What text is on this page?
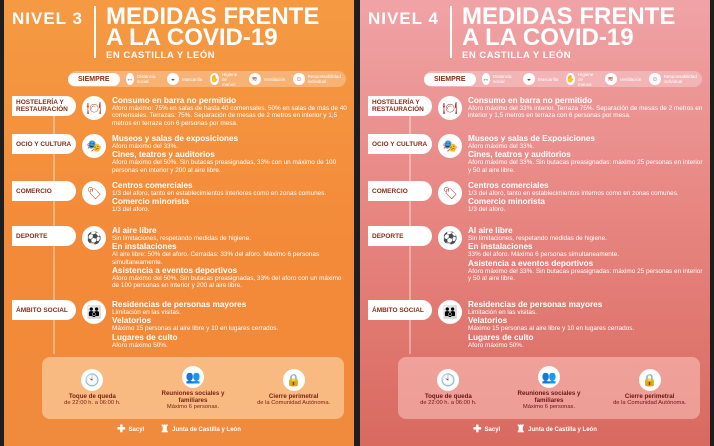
NIVEL 3 MEDIDAS FRENTE
A LA COVID-19
EN CASTILLA Y LEÓN
SIEMPRE	↔ Distancia social	◒	Mascarilla ✋
Higiene de manos
≋	Ventilación ☺	Responsabilidad individual
HOSTELERÍA Y RESTAURACIÓN	🍽
Consumo en barra no permitido
Aforo máximo: 75% en salas de hasta 40 comensales. 50% en salas de más de 40 comensales. Terrazas: 75%. Separación de mesas de 2 metros en interior y 1,5 metros en terraza con 6 personas por mesa.
OCIO Y CULTURA	🎭
Museos y salas de exposiciones
Aforo máximo del 33%.
Cines, teatros y auditorios
Aforo máximo del 50%. Sin butacas preasignadas, 33% con un máximo de 100 personas en interior y 200 al aire libre.
COMERCIO	🏷
Centros comerciales
1/3 del aforo, tanto en establecimientos interiores como en zonas comunes.
Comercio minorista
1/3 del aforo.
DEPORTE	⚽
Al aire libre
Sin limitaciones, respetando medidas de higiene.
En instalaciones
Al aire libre: 50% del aforo. Cerradas: 33% del aforo. Máximo 6 personas simultaneamente.
Asistencia a eventos deportivos
Aforo máximo del 50%. Sin butacas preasignadas, 33% del aforo con un máximo de 100 personas en interior y 200 al aire libre.
ÁMBITO SOCIAL	👪
Residencias de personas mayores
Limitación en las visitas.
Velatorios
Máximo 15 personas al aire libre y 10 en lugares cerrados.
Lugares de culto
Aforo máximo 50%.
🕙
Toque de queda
de 22:00 h. a 06:00 h.
👥
Reuniones sociales y familiares
Máximo 6 personas.
🔒
Cierre perimetral
de la Comunidad Autónoma.
✚ Sacyl ♜ Junta de Castilla y León
NIVEL 4 MEDIDAS FRENTE
A LA COVID-19
EN CASTILLA Y LEÓN
SIEMPRE	↔ Distancia social	◒	Mascarilla ✋
Higiene de manos
≋	Ventilación ☺	Responsabilidad individual
HOSTELERÍA Y RESTAURACIÓN	🍽
Consumo en barra no permitido
Aforo máximo del 33% interior. Terraza 75%. Separación de mesas de 2 metros en interior y 1,5 metros en terraza con 6 personas por mesa.
OCIO Y CULTURA	🎭
Museos y salas de Exposiciones
Aforo máximo del 33%.
Cines, teatros y auditorios
Aforo máximo del 33%. Sin butacas preasignadas: máximo 25 personas en interior y 50 al aire libre.
COMERCIO	🏷
Centros comerciales
1/3 del aforo, tanto en establecimientos internos como en zonas comunes.
Comercio minorista
1/3 del aforo.
DEPORTE	⚽
Al aire libre
Sin limitaciones, respetando medidas de higiene.
En instalaciones
33% del aforo. Máximo 6 personas simultaneamente.
Asistencia a eventos deportivos
Aforo máximo del 33%. Sin butacas preasignadas: máximo 25 personas en interior y 50 al aire libre.
ÁMBITO SOCIAL	👪
Residencias de personas mayores
Limitación en las visitas.
Velatorios
Máximo 15 personas al aire libre y 10 en lugares cerrados.
Lugares de culto
Aforo máximo 50%.
🕙
Toque de queda
de 22:00 h. a 06:00 h.
👥
Reuniones sociales y familiares
Máximo 6 personas.
🔒
Cierre perimetral
de la Comunidad Autónoma.
✚ Sacyl ♜ Junta de Castilla y León
